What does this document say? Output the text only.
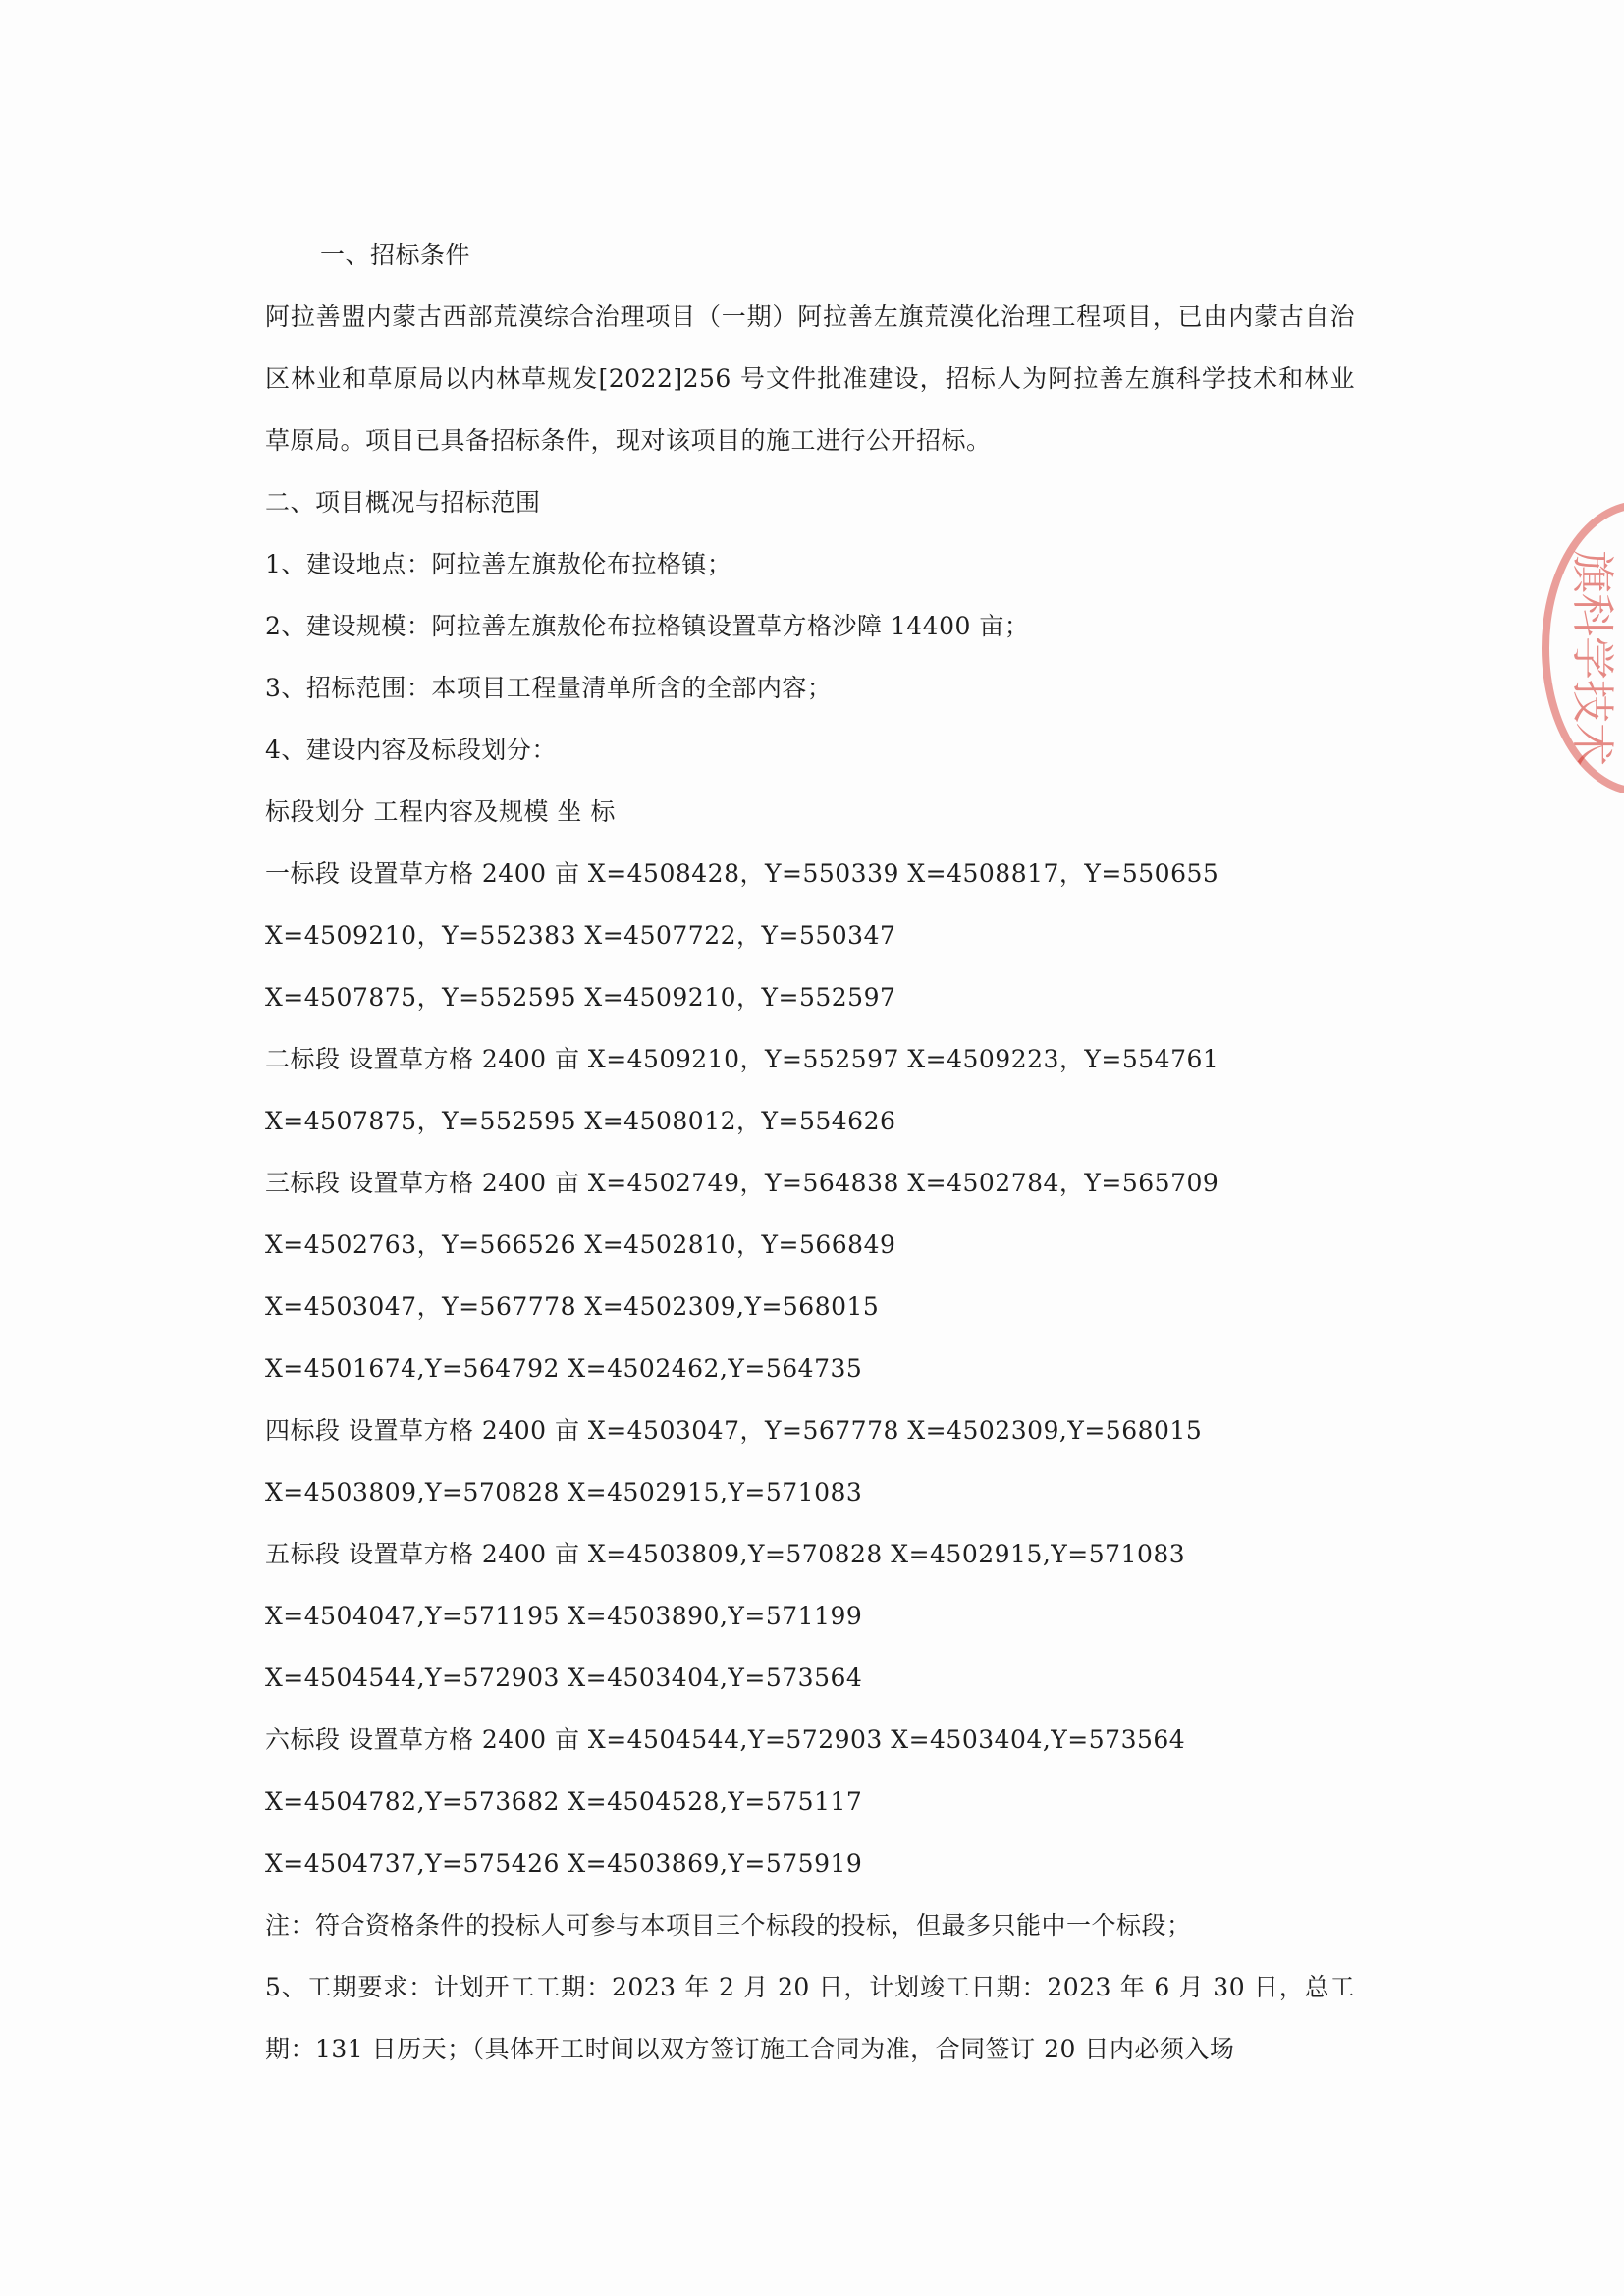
一、招标条件
阿拉善盟内蒙古西部荒漠综合治理项目（一期）阿拉善左旗荒漠化治理工程项目，已由内蒙古自治区林业和草原局以内林草规发[2022]256 号文件批准建设，招标人为阿拉善左旗科学技术和林业草原局。项目已具备招标条件，现对该项目的施工进行公开招标。
二、项目概况与招标范围
1、建设地点：阿拉善左旗敖伦布拉格镇；
2、建设规模：阿拉善左旗敖伦布拉格镇设置草方格沙障 14400 亩；
3、招标范围：本项目工程量清单所含的全部内容；
4、建设内容及标段划分：
标段划分 工程内容及规模 坐 标
一标段 设置草方格 2400 亩 X=4508428，Y=550339 X=4508817，Y=550655
X=4509210，Y=552383 X=4507722，Y=550347
X=4507875，Y=552595 X=4509210，Y=552597
二标段 设置草方格 2400 亩 X=4509210，Y=552597 X=4509223，Y=554761
X=4507875，Y=552595 X=4508012，Y=554626
三标段 设置草方格 2400 亩 X=4502749，Y=564838 X=4502784，Y=565709
X=4502763，Y=566526 X=4502810，Y=566849
X=4503047，Y=567778 X=4502309,Y=568015
X=4501674,Y=564792 X=4502462,Y=564735
四标段 设置草方格 2400 亩 X=4503047，Y=567778 X=4502309,Y=568015
X=4503809,Y=570828 X=4502915,Y=571083
五标段 设置草方格 2400 亩 X=4503809,Y=570828 X=4502915,Y=571083
X=4504047,Y=571195 X=4503890,Y=571199
X=4504544,Y=572903 X=4503404,Y=573564
六标段 设置草方格 2400 亩 X=4504544,Y=572903 X=4503404,Y=573564
X=4504782,Y=573682 X=4504528,Y=575117
X=4504737,Y=575426 X=4503869,Y=575919
注：符合资格条件的投标人可参与本项目三个标段的投标，但最多只能中一个标段；
5、工期要求：计划开工工期：2023 年 2 月 20 日，计划竣工日期：2023 年 6 月 30 日，总工期：131 日历天；（具体开工时间以双方签订施工合同为准，合同签订 20 日内必须入场
旗科学技术
